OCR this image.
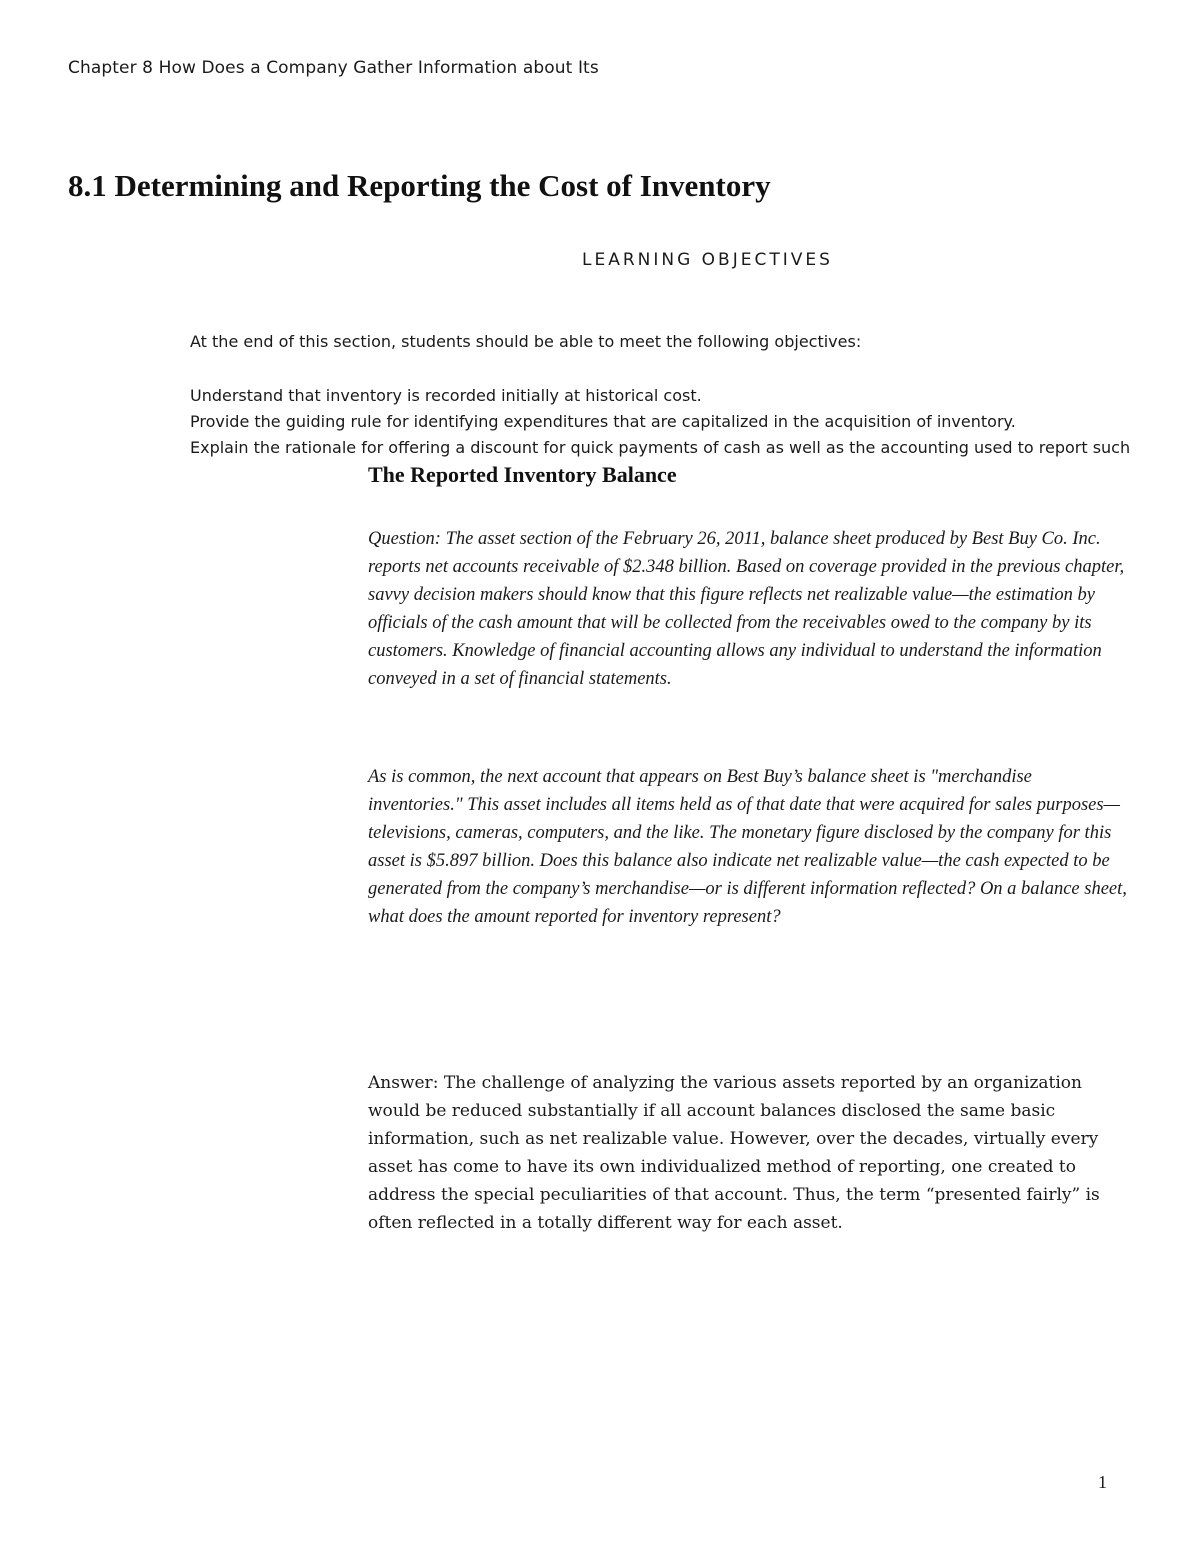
Chapter 8 How Does a Company Gather Information about Its
8.1 Determining and Reporting the Cost of Inventory
LEARNING OBJECTIVES
At the end of this section, students should be able to meet the following objectives:
Understand that inventory is recorded initially at historical cost.
Provide the guiding rule for identifying expenditures that are capitalized in the acquisition of inventory.
Explain the rationale for offering a discount for quick payments of cash as well as the accounting used to report such
The Reported Inventory Balance

Question: The asset section of the February 26, 2011, balance sheet produced by Best Buy Co. Inc. reports net accounts receivable of $2.348 billion. Based on coverage provided in the previous chapter, savvy decision makers should know that this figure reflects net realizable value—the estimation by officials of the cash amount that will be collected from the receivables owed to the company by its customers. Knowledge of financial accounting allows any individual to understand the information conveyed in a set of financial statements.

As is common, the next account that appears on Best Buy’s balance sheet is "merchandise inventories." This asset includes all items held as of that date that were acquired for sales purposes—televisions, cameras, computers, and the like. The monetary figure disclosed by the company for this asset is $5.897 billion. Does this balance also indicate net realizable value—the cash expected to be generated from the company’s merchandise—or is different information reflected? On a balance sheet, what does the amount reported for inventory represent?

Answer: The challenge of analyzing the various assets reported by an organization would be reduced substantially if all account balances disclosed the same basic information, such as net realizable value. However, over the decades, virtually every asset has come to have its own individualized method of reporting, one created to address the special peculiarities of that account. Thus, the term “presented fairly” is often reflected in a totally different way for each asset.

1
